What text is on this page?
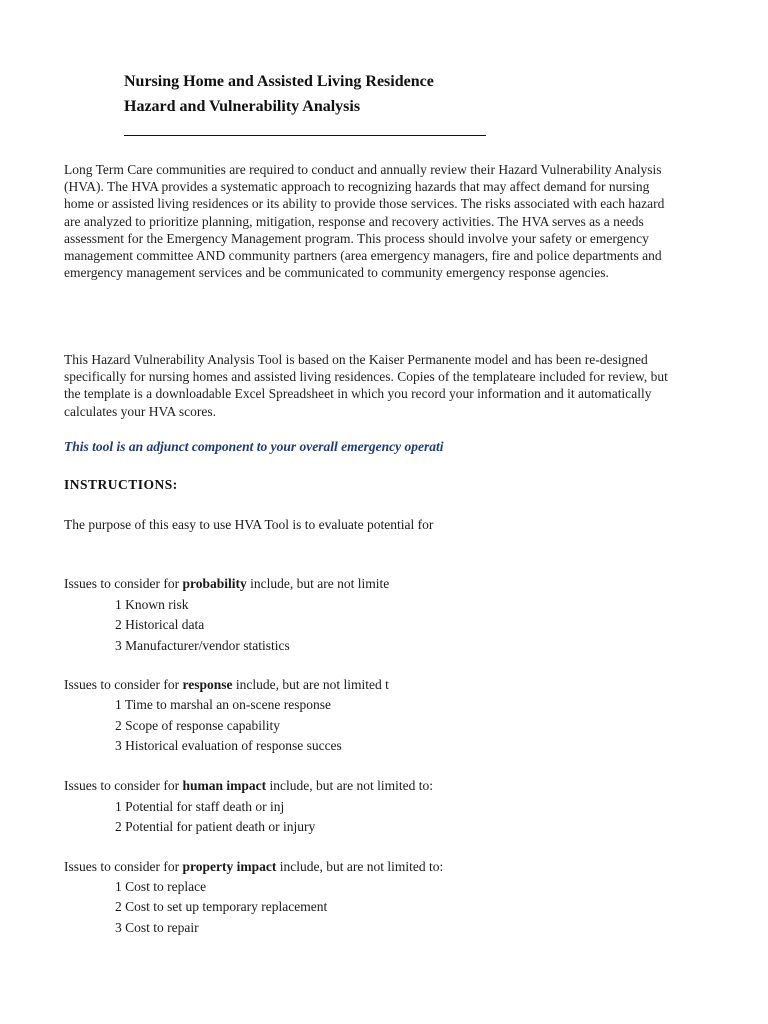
Nursing Home and Assisted Living Residence
Hazard and Vulnerability Analysis

Long Term Care communities are required to conduct and annually review their Hazard Vulnerability Analysis (HVA). The HVA provides a systematic approach to recognizing hazards that may affect demand for nursing home or assisted living residences or its ability to provide those services. The risks associated with each hazard are analyzed to prioritize planning, mitigation, response and recovery activities. The HVA serves as a needs assessment for the Emergency Management program. This process should involve your safety or emergency management committee AND community partners (area emergency managers, fire and police departments and emergency management services and be communicated to community emergency response agencies.

This Hazard Vulnerability Analysis Tool is based on the Kaiser Permanente model and has been re-designed specifically for nursing homes and assisted living residences. Copies of the templateare included for review, but the template is a downloadable Excel Spreadsheet in which you record your information and it automatically calculates your HVA scores.

This tool is an adjunct component to your overall emergency operati

INSTRUCTIONS:

The purpose of this easy to use HVA Tool is to evaluate potential for

Issues to consider for probability include, but are not limite

1 Known risk

2 Historical data

3 Manufacturer/vendor statistics

Issues to consider for response include, but are not limited t

1 Time to marshal an on-scene response

2 Scope of response capability

3 Historical evaluation of response succes

Issues to consider for human impact include, but are not limited to:

1 Potential for staff death or inj

2 Potential for patient death or injury

Issues to consider for property impact include, but are not limited to:

1 Cost to replace

2 Cost to set up temporary replacement

3 Cost to repair
